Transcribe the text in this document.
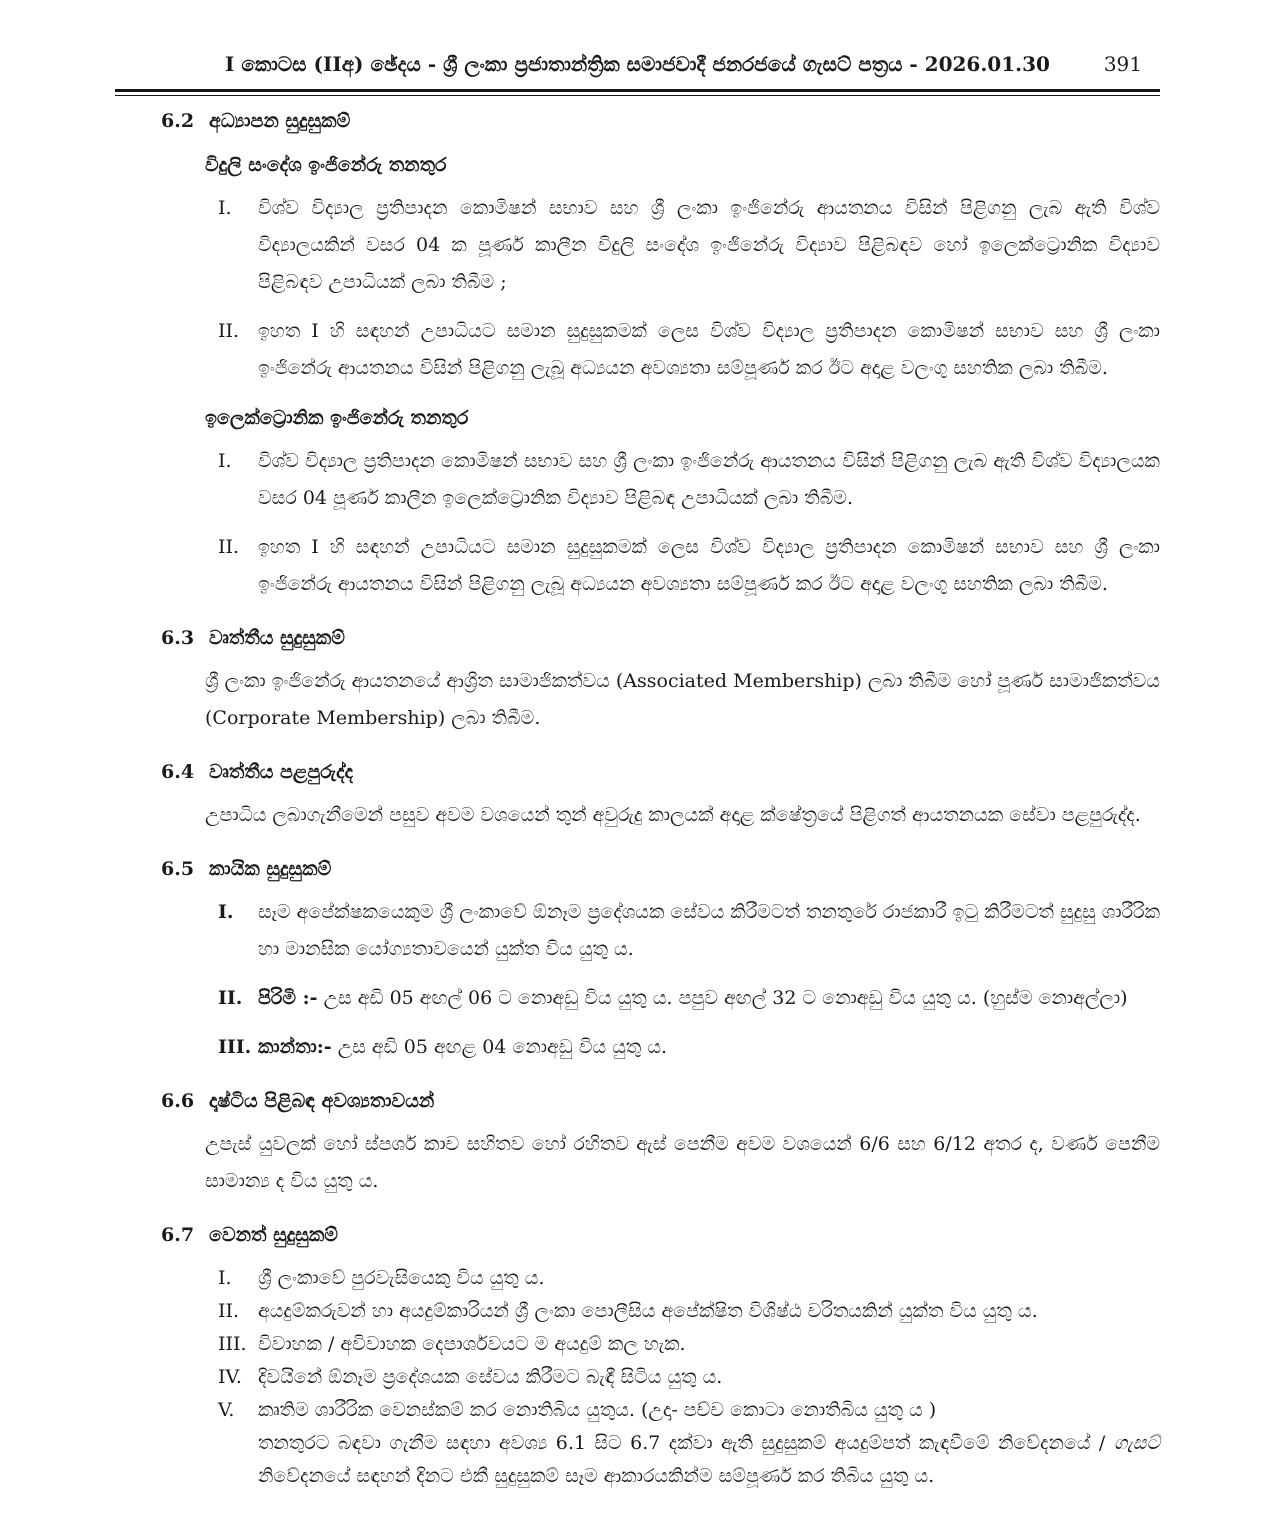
I කොටස (IIඅ) ඡේදය - ශ්‍රී ලංකා ප්‍රජාතාන්ත්‍රික සමාජවාදී ජනරජයේ ගැසට් පත්‍රය - 2026.01.30	391
6.2 අධ්‍යාපන සුදුසුකම්
විදුලි සංදේශ ඉංජිනේරු තනතුර
I.	විශ්ව විද්‍යාල ප්‍රතිපාදන කොමිෂන් සභාව සහ ශ්‍රී ලංකා ඉංජිනේරු ආයතනය විසින් පිළිගනු ලැබ ඇති විශ්ව විද්‍යාලයකින් වසර 04 ක පූර්ණ කාලීන විදුලි සංදේශ ඉංජිනේරු විද්‍යාව පිළිබඳව හෝ ඉලෙක්ට්‍රොනික විද්‍යාව පිළිබඳව උපාධියක් ලබා තිබීම ;
II. ඉහත I හි සඳහන් උපාධියට සමාන සුදුසුකමක් ලෙස විශ්ව විද්‍යාල ප්‍රතිපාදන කොමිෂන් සභාව සහ ශ්‍රී ලංකා ඉංජිනේරු ආයතනය විසින් පිළිගනු ලැබූ අධ්‍යයන අවශ්‍යතා සම්පූර්ණ කර ඊට අදාළ වලංගු සහතික ලබා තිබීම.
ඉලෙක්ට්‍රොනික ඉංජිනේරු තනතුර
I.	විශ්ව විද්‍යාල ප්‍රතිපාදන කොමිෂන් සභාව සහ ශ්‍රී ලංකා ඉංජිනේරු ආයතනය විසින් පිළිගනු ලැබ ඇති විශ්ව විද්‍යාලයක වසර 04 පූර්ණ කාලීන ඉලෙක්ට්‍රොනික විද්‍යාව පිළිබඳ උපාධියක් ලබා තිබීම.
II. ඉහත I හි සඳහන් උපාධියට සමාන සුදුසුකමක් ලෙස විශ්ව විද්‍යාල ප්‍රතිපාදන කොමිෂන් සභාව සහ ශ්‍රී ලංකා ඉංජිනේරු ආයතනය විසින් පිළිගනු ලැබූ අධ්‍යයන අවශ්‍යතා සම්පූර්ණ කර ඊට අදාළ වලංගු සහතික ලබා තිබීම.
6.3 වෘත්තීය සුදුසුකම්
ශ්‍රී ලංකා ඉංජිනේරු ආයතනයේ ආශ්‍රිත සාමාජිකත්වය (Associated Membership) ලබා තිබීම හෝ පූර්ණ සාමාජිකත්වය (Corporate Membership) ලබා තිබීම.
6.4 වෘත්තීය පළපුරුද්ද
උපාධිය ලබාගැනීමෙන් පසුව අවම වශයෙන් තුන් අවුරුදු කාලයක් අදාළ ක්ෂේත්‍රයේ පිළිගත් ආයතනයක සේවා පළපුරුද්ද.
6.5 කායික සුදුසුකම්
I.	සෑම අපේක්ෂකයෙකුම ශ්‍රී ලංකාවේ ඕනෑම ප්‍රදේශයක සේවය කිරීමටත් තනතුරේ රාජකාරී ඉටු කිරීමටත් සුදුසු ශාරීරික හා මානසික යෝග්‍යතාවයෙන් යුක්ත විය යුතු ය.
II. පිරිමි :- උස අඩි 05 අඟල් 06 ට නොඅඩු විය යුතු ය. පපුව අඟල් 32 ට නොඅඩු විය යුතු ය. (හුස්ම නොඅල්ලා)
III. කාන්තා:- උස අඩි 05 අඟළ 04 නොඅඩු විය යුතු ය.
6.6 දෘෂ්ටිය පිළිබඳ අවශ්‍යතාවයන්
උපැස් යුවලක් හෝ ස්පර්ශ කාච සහිතව හෝ රහිතව ඇස් පෙනීම අවම වශයෙන් 6/6 සහ 6/12 අතර ද, වර්ණ පෙනීම සාමාන්‍ය ද විය යුතු ය.
6.7 වෙනත් සුදුසුකම්
I.	ශ්‍රී ලංකාවේ පුරවැසියෙකු විය යුතු ය.
II. අයදුම්කරුවන් හා අයදුම්කාරියන් ශ්‍රී ලංකා පොලීසිය අපේක්ෂිත විශිෂ්ඨ චරිතයකින් යුක්ත විය යුතු ය.
III. විවාහක / අවිවාහක දෙපාර්ශවයට ම අයදුම් කල හැක.
IV. දිවයිනේ ඕනෑම ප්‍රදේශයක සේවය කිරීමට බැඳී සිටිය යුතු ය.
V.	කෘතිම ශාරීරික වෙනස්කම් කර නොතිබිය යුතුය. (උදා- පච්ච කොටා නොතිබිය යුතු ය )
තනතුරට බඳවා ගැනීම සඳහා අවශ්‍ය 6.1 සිට 6.7 දක්වා ඇති සුදුසුකම් අයදුම්පත් කැඳවීමේ නිවේදනයේ / ගැසට් නිවේදනයේ සඳහන් දිනට එකී සුදුසුකම් සෑම ආකාරයකින්ම සම්පූර්ණ කර තිබිය යුතු ය.
